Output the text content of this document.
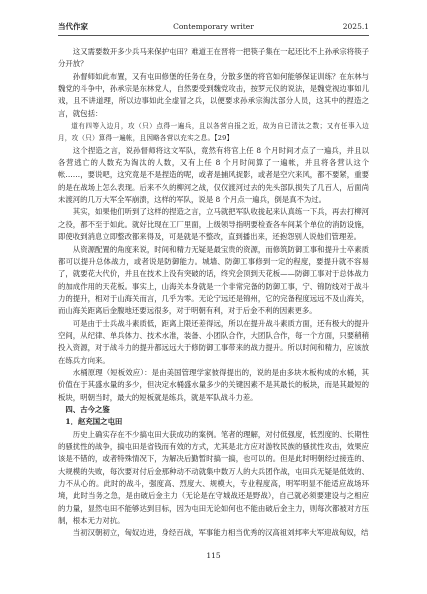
当代作家	Contemporary writer	2025.1

这又需要数开多少兵马来保护屯田？难道王在晋将一把筷子集在一起还比不上孙承宗将筷子分开放？

孙督师如此布置，又有屯田修堡的任务在身，分散多堡的将官如何能够保证训练？在东林与魏党的斗争中，孙承宗是东林党人，自然要受到魏党攻击，按罗元仪的说法，是魏党视边事如儿戏，且不讲道理，所以边事如此全虚冒之兵，以便要求孙承宗淘汰部分人员，这其中的捏造之言，就包括：

道有四等入边月，攻（只）点得一遍兵，且以各营自报之近，故为自已清汰之数；又有任事入边月，攻（只）算得一遍帐，且因略各营以充实之息。【29】

这个捏造之言，说孙督师将这文军队，竟然有将官上任 8 个月时间才点了一遍兵，并且以各营逃亡的人数充为淘汰的人数，又有上任 8 个月时间算了一遍帐，并且将各营认这个帐……，要说吧，这究竟是不是捏造的呢，或者是捕风捉影，或者是空穴来风，都不要紧，重要的是在战场上怎么表现。后来不久的柳河之战，仅仅渡河过去的先头部队损失了几百人，后面尚未渡河的几万大军全军崩溃，这样的军队，说是 8 个月点一遍兵，倒是真不为过。

其实，如果他们听到了这样的捏造之言，立马就把军队收拢起来认真练一下兵，再去打柳河之役，都不至于如此。就好比现在工厂里面，上级领导指明要检查各车间某个单位的消防设施，即使收到消息立即整改都来得及，可是就是不整改，直到播出来，还抱怨别人说他们管理差。

从资源配置的角度来说，时间和精力无疑是最宝贵的资源，而修筑防御工事和提升士卒素质都可以提升总体战力，或者说是防御能力。城墙、防御工事修到一定的程度，要提升就不容易了，就要花大代价，并且在技术上没有突破的话，终究会顶到天花板——防御工事对于总体战力的加成作用的天花板。事实上，山海关本身就是一个非常完备的防御工事，宁、锦防线对于战斗力的提升，相对于山海关而言，几乎为零。无论宁远还是锦州，它的完备程度远远不及山海关，而山海关距离后金腹地还要远很多，对于明朝有利，对于后金不利的因素更多。

可是由于士兵战斗素质低，距离上限还差得远，所以在提升战斗素质方面，还有极大的提升空间，从纪律、单兵体力、技术水准，装备、小团队合作，大团队合作，每一个方面，只要稍稍投入资源，对于战斗力的提升都远远大于修防御工事带来的战力提升。所以时间和精力，应该放在练兵方向来。

水桶原理（短板效应）：是由美国管理学家彼得提出的，说的是由多块木板构成的水桶，其价值在于其盛水量的多少，但决定水桶盛水量多少的关键因素不是其最长的板块，而是其最短的板块，明朝当时，最大的短板就是练兵，就是军队战斗力差。

四、古今之鉴

1．赵充国之屯田

历史上确实存在不少搞屯田大获成功的案例。笔者的理解，对付低强度，低烈度的、长期性的骚扰性的战争，搞屯田是省钱而有效的方式，尤其是北方应对游牧民族的骚扰性攻击，效果应该是不错的，或者特殊情况下，为解决后勤暂时搞一搞，也可以的。但是此时明朝经过接连的、大规模的失败，每次要对付后金那种动不动就集中数万人的大兵团作战，屯田兵无疑是低效的、力不从心的。此时的战斗，强度高、烈度大、规模大，专业程度高，明军明显不能适应战场环境，此时当务之急，是由破后金主力（无论是在守城战还是野战），自己就必须要建设与之相应的力量，显然屯田不能够达到目标，因为屯田无论如何也不能由破后金主力，则每次都被对方压制，根本无力对抗。

当初汉朝初立，匈奴边进，身经百战，军事能力相当优秀的汉高祖刘邦率大军迎战匈奴，结

115
